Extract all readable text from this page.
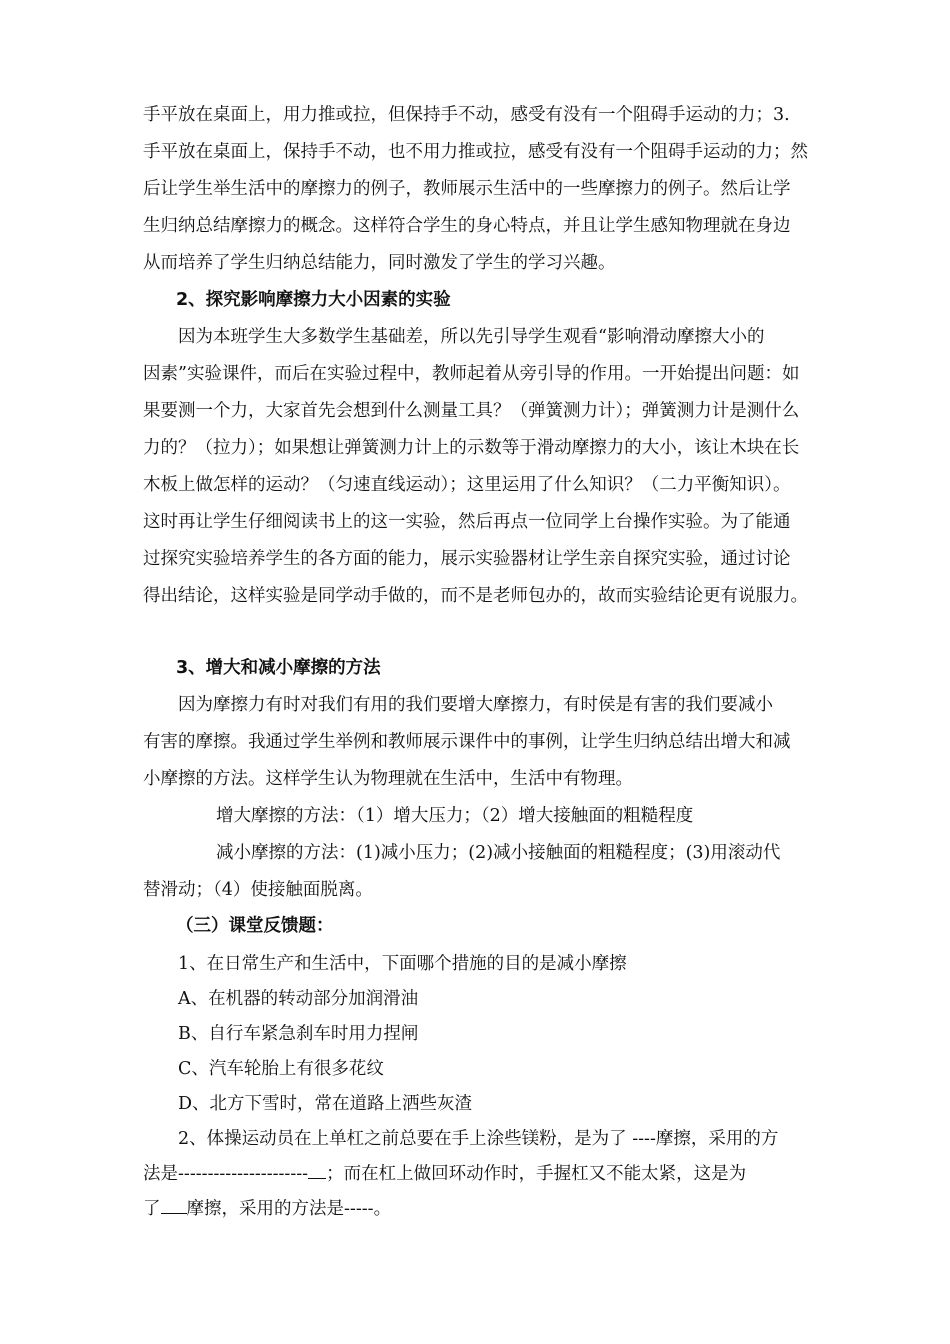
手平放在桌面上，用力推或拉，但保持手不动，感受有没有一个阻碍手运动的力；3.
手平放在桌面上，保持手不动，也不用力推或拉，感受有没有一个阻碍手运动的力；然
后让学生举生活中的摩擦力的例子，教师展示生活中的一些摩擦力的例子。然后让学
生归纳总结摩擦力的概念。这样符合学生的身心特点，并且让学生感知物理就在身边
从而培养了学生归纳总结能力，同时激发了学生的学习兴趣。
2、探究影响摩擦力大小因素的实验
因为本班学生大多数学生基础差，所以先引导学生观看“影响滑动摩擦大小的
因素”实验课件，而后在实验过程中，教师起着从旁引导的作用。一开始提出问题：如
果要测一个力，大家首先会想到什么测量工具？（弹簧测力计）；弹簧测力计是测什么
力的？（拉力）；如果想让弹簧测力计上的示数等于滑动摩擦力的大小，该让木块在长
木板上做怎样的运动？（匀速直线运动）；这里运用了什么知识？（二力平衡知识）。
这时再让学生仔细阅读书上的这一实验，然后再点一位同学上台操作实验。为了能通
过探究实验培养学生的各方面的能力，展示实验器材让学生亲自探究实验，通过讨论
得出结论，这样实验是同学动手做的，而不是老师包办的，故而实验结论更有说服力。
3、增大和减小摩擦的方法
因为摩擦力有时对我们有用的我们要增大摩擦力，有时侯是有害的我们要减小
有害的摩擦。我通过学生举例和教师展示课件中的事例，让学生归纳总结出增大和减
小摩擦的方法。这样学生认为物理就在生活中，生活中有物理。
增大摩擦的方法：（1）增大压力；（2）增大接触面的粗糙程度
减小摩擦的方法：(1)减小压力；(2)减小接触面的粗糙程度；(3)用滚动代
替滑动；（4）使接触面脱离。
（三）课堂反馈题：
1、在日常生产和生活中，下面哪个措施的目的是减小摩擦
A、在机器的转动部分加润滑油
B、自行车紧急刹车时用力捏闸
C、汽车轮胎上有很多花纹
D、北方下雪时，常在道路上洒些灰渣
2、体操运动员在上单杠之前总要在手上涂些镁粉，是为了 ----摩擦，采用的方
法是---------------------- ；而在杠上做回环动作时，手握杠又不能太紧，这是为
了 摩擦，采用的方法是-----。
